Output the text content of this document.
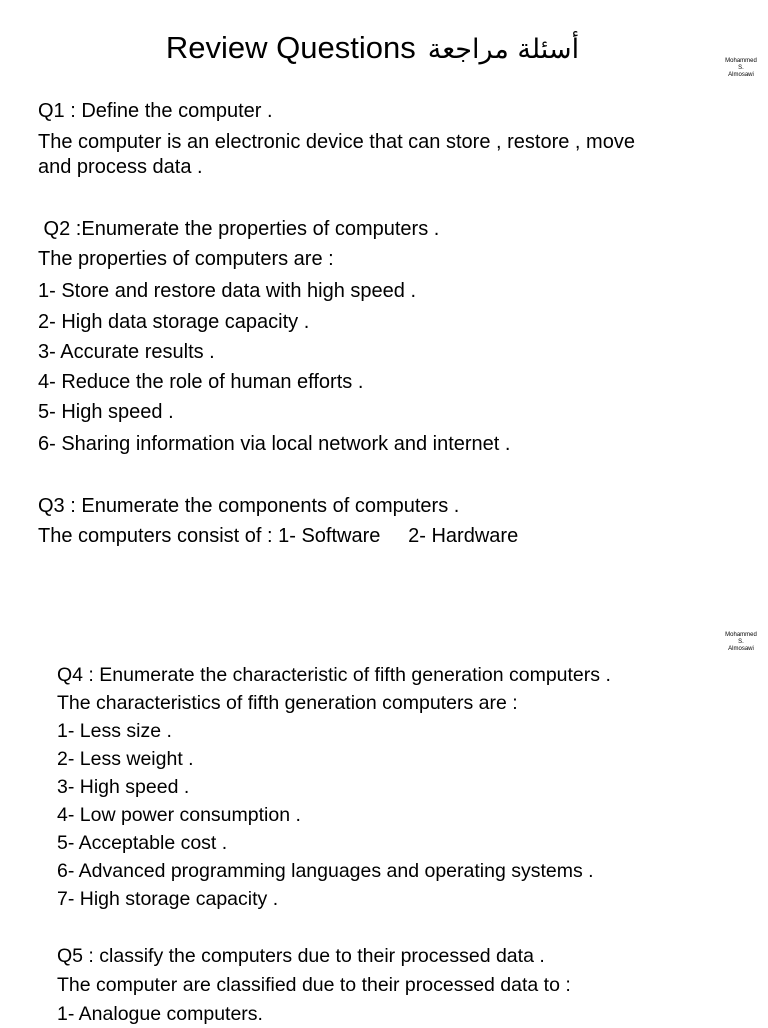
Review Questions أسئلة مراجعة	Mohammed
S.
Almosawi
Q1 : Define the computer .
The computer is an electronic device that can store , restore , move
and process data .
Q2 :Enumerate the properties of computers .
The properties of computers are :
1- Store and restore data with high speed .
2- High data storage capacity .
3- Accurate results .
4- Reduce the role of human efforts .
5- High speed .
6- Sharing information via local network and internet .
Q3 : Enumerate the components of computers .
The computers consist of : 1- Software     2- Hardware
Mohammed
S.
Almosawi
Q4 : Enumerate the characteristic of fifth generation computers .
The characteristics of fifth generation computers are :
1- Less size .
2- Less weight .
3- High speed .
4- Low power consumption .
5- Acceptable cost .
6- Advanced programming languages and operating systems .
7- High storage capacity .
Q5 : classify the computers due to their processed data .
The computer are classified due to their processed data to :
1- Analogue computers.
